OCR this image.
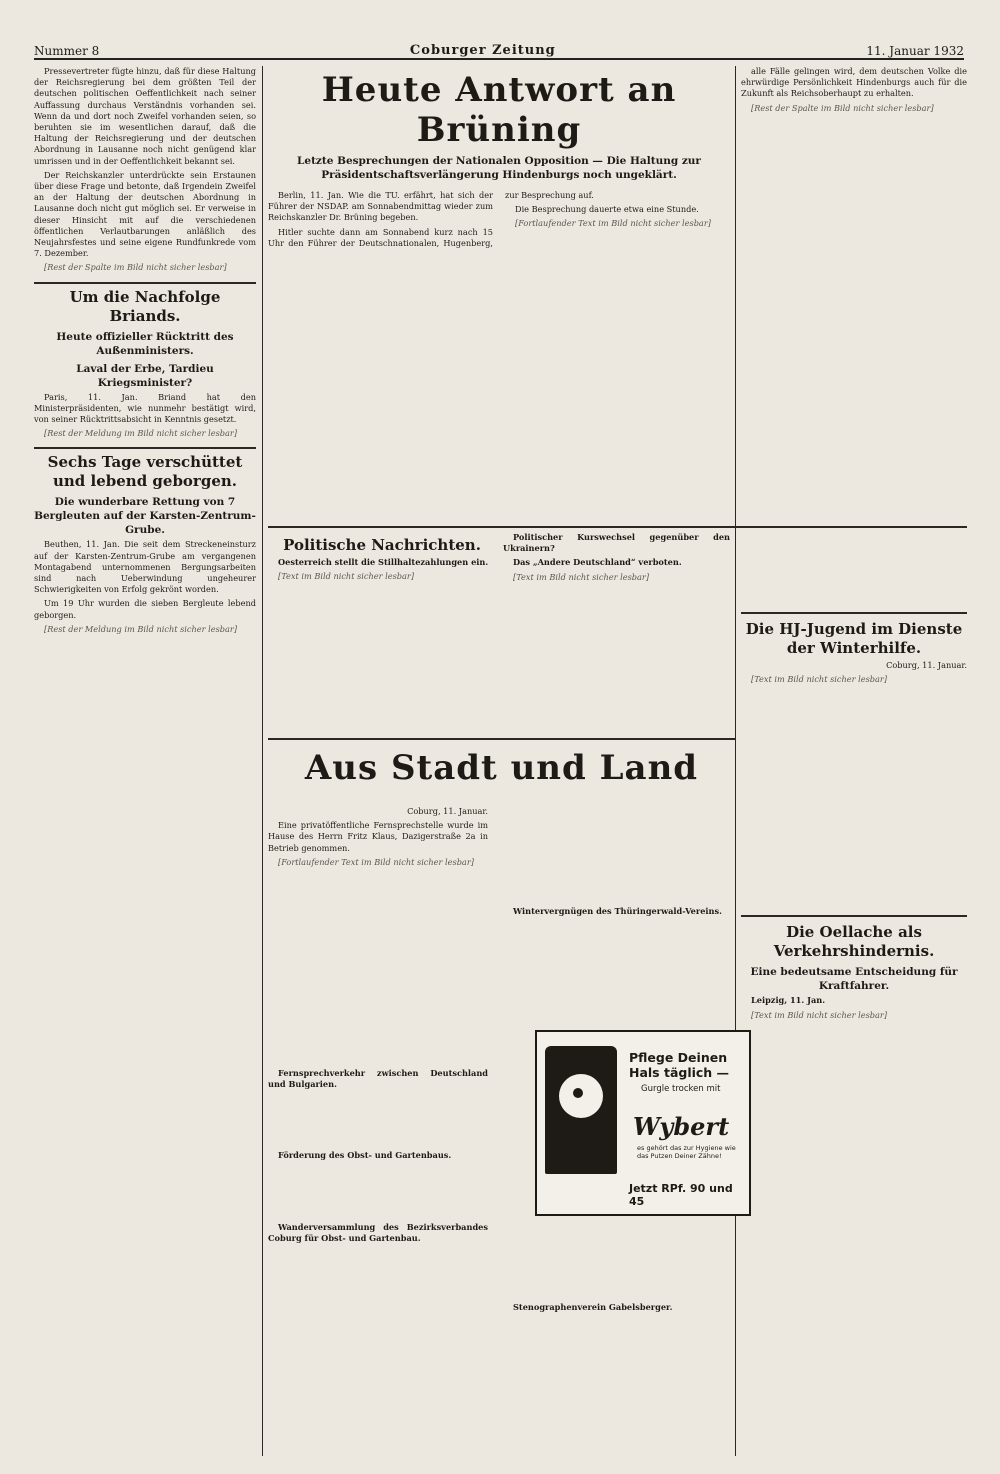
Nummer 8	Coburger Zeitung	11. Januar 1932

Pressevertreter fügte hinzu, daß für diese Haltung der Reichsregierung bei dem größten Teil der deutschen politischen Oeffentlichkeit nach seiner Auffassung durchaus Verständnis vorhanden sei. Wenn da und dort noch Zweifel vorhanden seien, so beruhten sie im wesentlichen darauf, daß die Haltung der Reichsregierung und der deutschen Abordnung in Lausanne noch nicht genügend klar umrissen und in der Oeffentlichkeit bekannt sei.

Der Reichskanzler unterdrückte sein Erstaunen über diese Frage und betonte, daß Irgendein Zweifel an der Haltung der deutschen Abordnung in Lausanne doch nicht gut möglich sei. Er verweise in dieser Hinsicht mit auf die verschiedenen öffentlichen Verlautbarungen anläßlich des Neujahrsfestes und seine eigene Rundfunkrede vom 7. Dezember.

[Rest der Spalte im Bild nicht sicher lesbar]

Um die Nachfolge Briands.
Heute offizieller Rücktritt des Außenministers.
Laval der Erbe, Tardieu Kriegsminister?

Paris, 11. Jan. Briand hat den Ministerpräsidenten, wie nunmehr bestätigt wird, von seiner Rücktrittsabsicht in Kenntnis gesetzt.

[Rest der Meldung im Bild nicht sicher lesbar]

Sechs Tage verschüttet und lebend geborgen.
Die wunderbare Rettung von 7 Bergleuten auf der Karsten-Zentrum-Grube.

Beuthen, 11. Jan. Die seit dem Streckeneinsturz auf der Karsten-Zentrum-Grube am vergangenen Montagabend unternommenen Bergungsarbeiten sind nach Ueberwindung ungeheurer Schwierigkeiten von Erfolg gekrönt worden.

Um 19 Uhr wurden die sieben Bergleute lebend geborgen.

[Rest der Meldung im Bild nicht sicher lesbar]

Heute Antwort an Brüning
Letzte Besprechungen der Nationalen Opposition — Die Haltung zur Präsidentschaftsverlängerung Hindenburgs noch ungeklärt.

Berlin, 11. Jan. Wie die TU. erfährt, hat sich der Führer der NSDAP. am Sonnabendmittag wieder zum Reichskanzler Dr. Brüning begeben.

Hitler suchte dann am Sonnabend kurz nach 15 Uhr den Führer der Deutschnationalen, Hugenberg, zur Besprechung auf.

Die Besprechung dauerte etwa eine Stunde.

[Fortlaufender Text im Bild nicht sicher lesbar]

alle Fälle gelingen wird, dem deutschen Volke die ehrwürdige Persönlichkeit Hindenburgs auch für die Zukunft als Reichsoberhaupt zu erhalten.

[Rest der Spalte im Bild nicht sicher lesbar]

Politische Nachrichten.

Oesterreich stellt die Stillhaltezahlungen ein.

[Text im Bild nicht sicher lesbar]

Politischer Kurswechsel gegenüber den Ukrainern?

Das „Andere Deutschland“ verboten.

[Text im Bild nicht sicher lesbar]

Die HJ-Jugend im Dienste der Winterhilfe.

Coburg, 11. Januar.

[Text im Bild nicht sicher lesbar]

Die Oellache als Verkehrshindernis.
Eine bedeutsame Entscheidung für Kraftfahrer.

Leipzig, 11. Jan.

[Text im Bild nicht sicher lesbar]

Aus Stadt und Land

Coburg, 11. Januar.

Eine privatöffentliche Fernsprechstelle wurde im Hause des Herrn Fritz Klaus, Dazigerstraße 2a in Betrieb genommen.

[Fortlaufender Text im Bild nicht sicher lesbar]

Fernsprechverkehr zwischen Deutschland und Bulgarien.

Förderung des Obst- und Gartenbaus.

Wanderversammlung des Bezirksverbandes Coburg für Obst- und Gartenbau.

Wintervergnügen des Thüringerwald-Vereins.

Stenographenverein Gabelsberger.

Pflege Deinen Hals täglich —
Gurgle trocken mit
Wybert
es gehört das zur Hygiene wie das Putzen Deiner Zähne!
Jetzt RPf. 90 und 45
